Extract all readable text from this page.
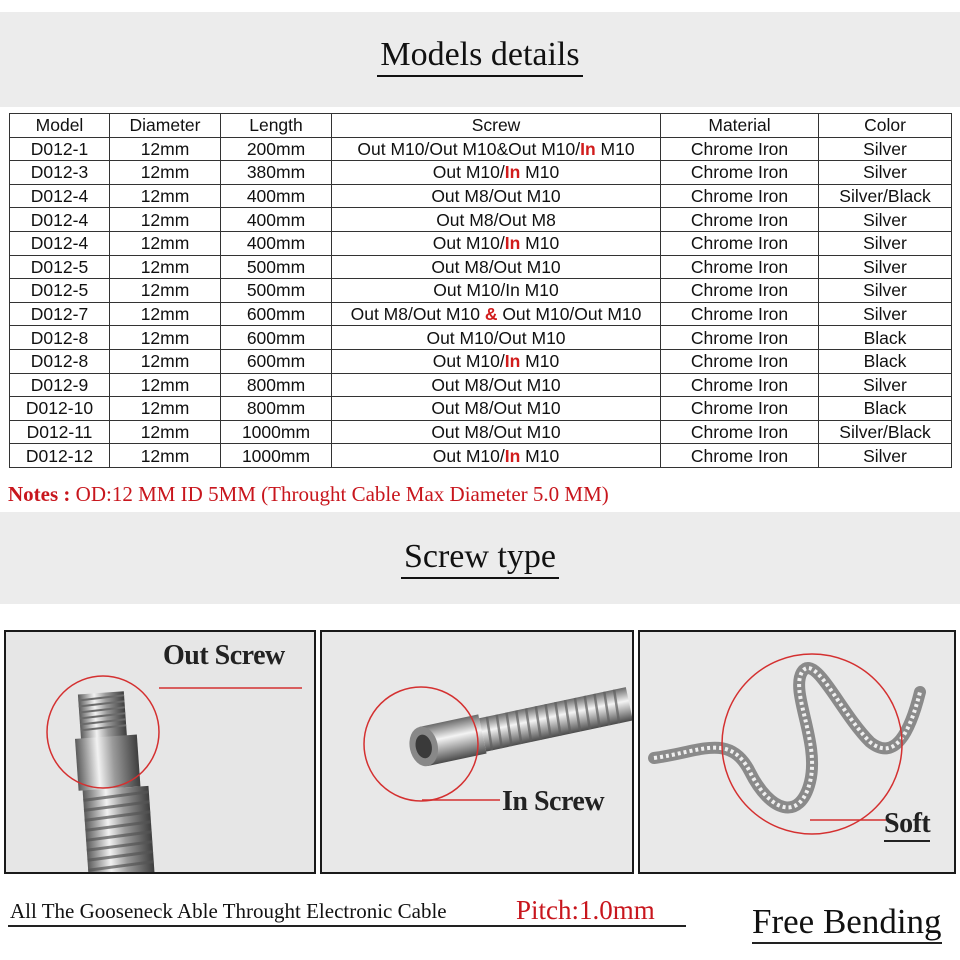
Models details
Model	Diameter	Length	Screw	Material	Color
D012-1	12mm	200mm	Out M10/Out M10&Out M10/In M10	Chrome Iron	Silver
D012-3	12mm	380mm	Out M10/In M10	Chrome Iron	Silver
D012-4	12mm	400mm	Out M8/Out M10	Chrome Iron	Silver/Black
D012-4	12mm	400mm	Out M8/Out M8	Chrome Iron	Silver
D012-4	12mm	400mm	Out M10/In M10	Chrome Iron	Silver
D012-5	12mm	500mm	Out M8/Out M10	Chrome Iron	Silver
D012-5	12mm	500mm	Out M10/In M10	Chrome Iron	Silver
D012-7	12mm	600mm	Out M8/Out M10 & Out M10/Out M10	Chrome Iron	Silver
D012-8	12mm	600mm	Out M10/Out M10	Chrome Iron	Black
D012-8	12mm	600mm	Out M10/In M10	Chrome Iron	Black
D012-9	12mm	800mm	Out M8/Out M10	Chrome Iron	Silver
D012-10	12mm	800mm	Out M8/Out M10	Chrome Iron	Black
D012-11	12mm	1000mm	Out M8/Out M10	Chrome Iron	Silver/Black
D012-12	12mm	1000mm	Out M10/In M10	Chrome Iron	Silver
Notes : OD:12 MM ID 5MM (Throught Cable Max Diameter 5.0 MM)
Screw type
Out Screw
In Screw
Soft
All The Gooseneck Able Throught Electronic Cable	Pitch:1.0mm	Free Bending
